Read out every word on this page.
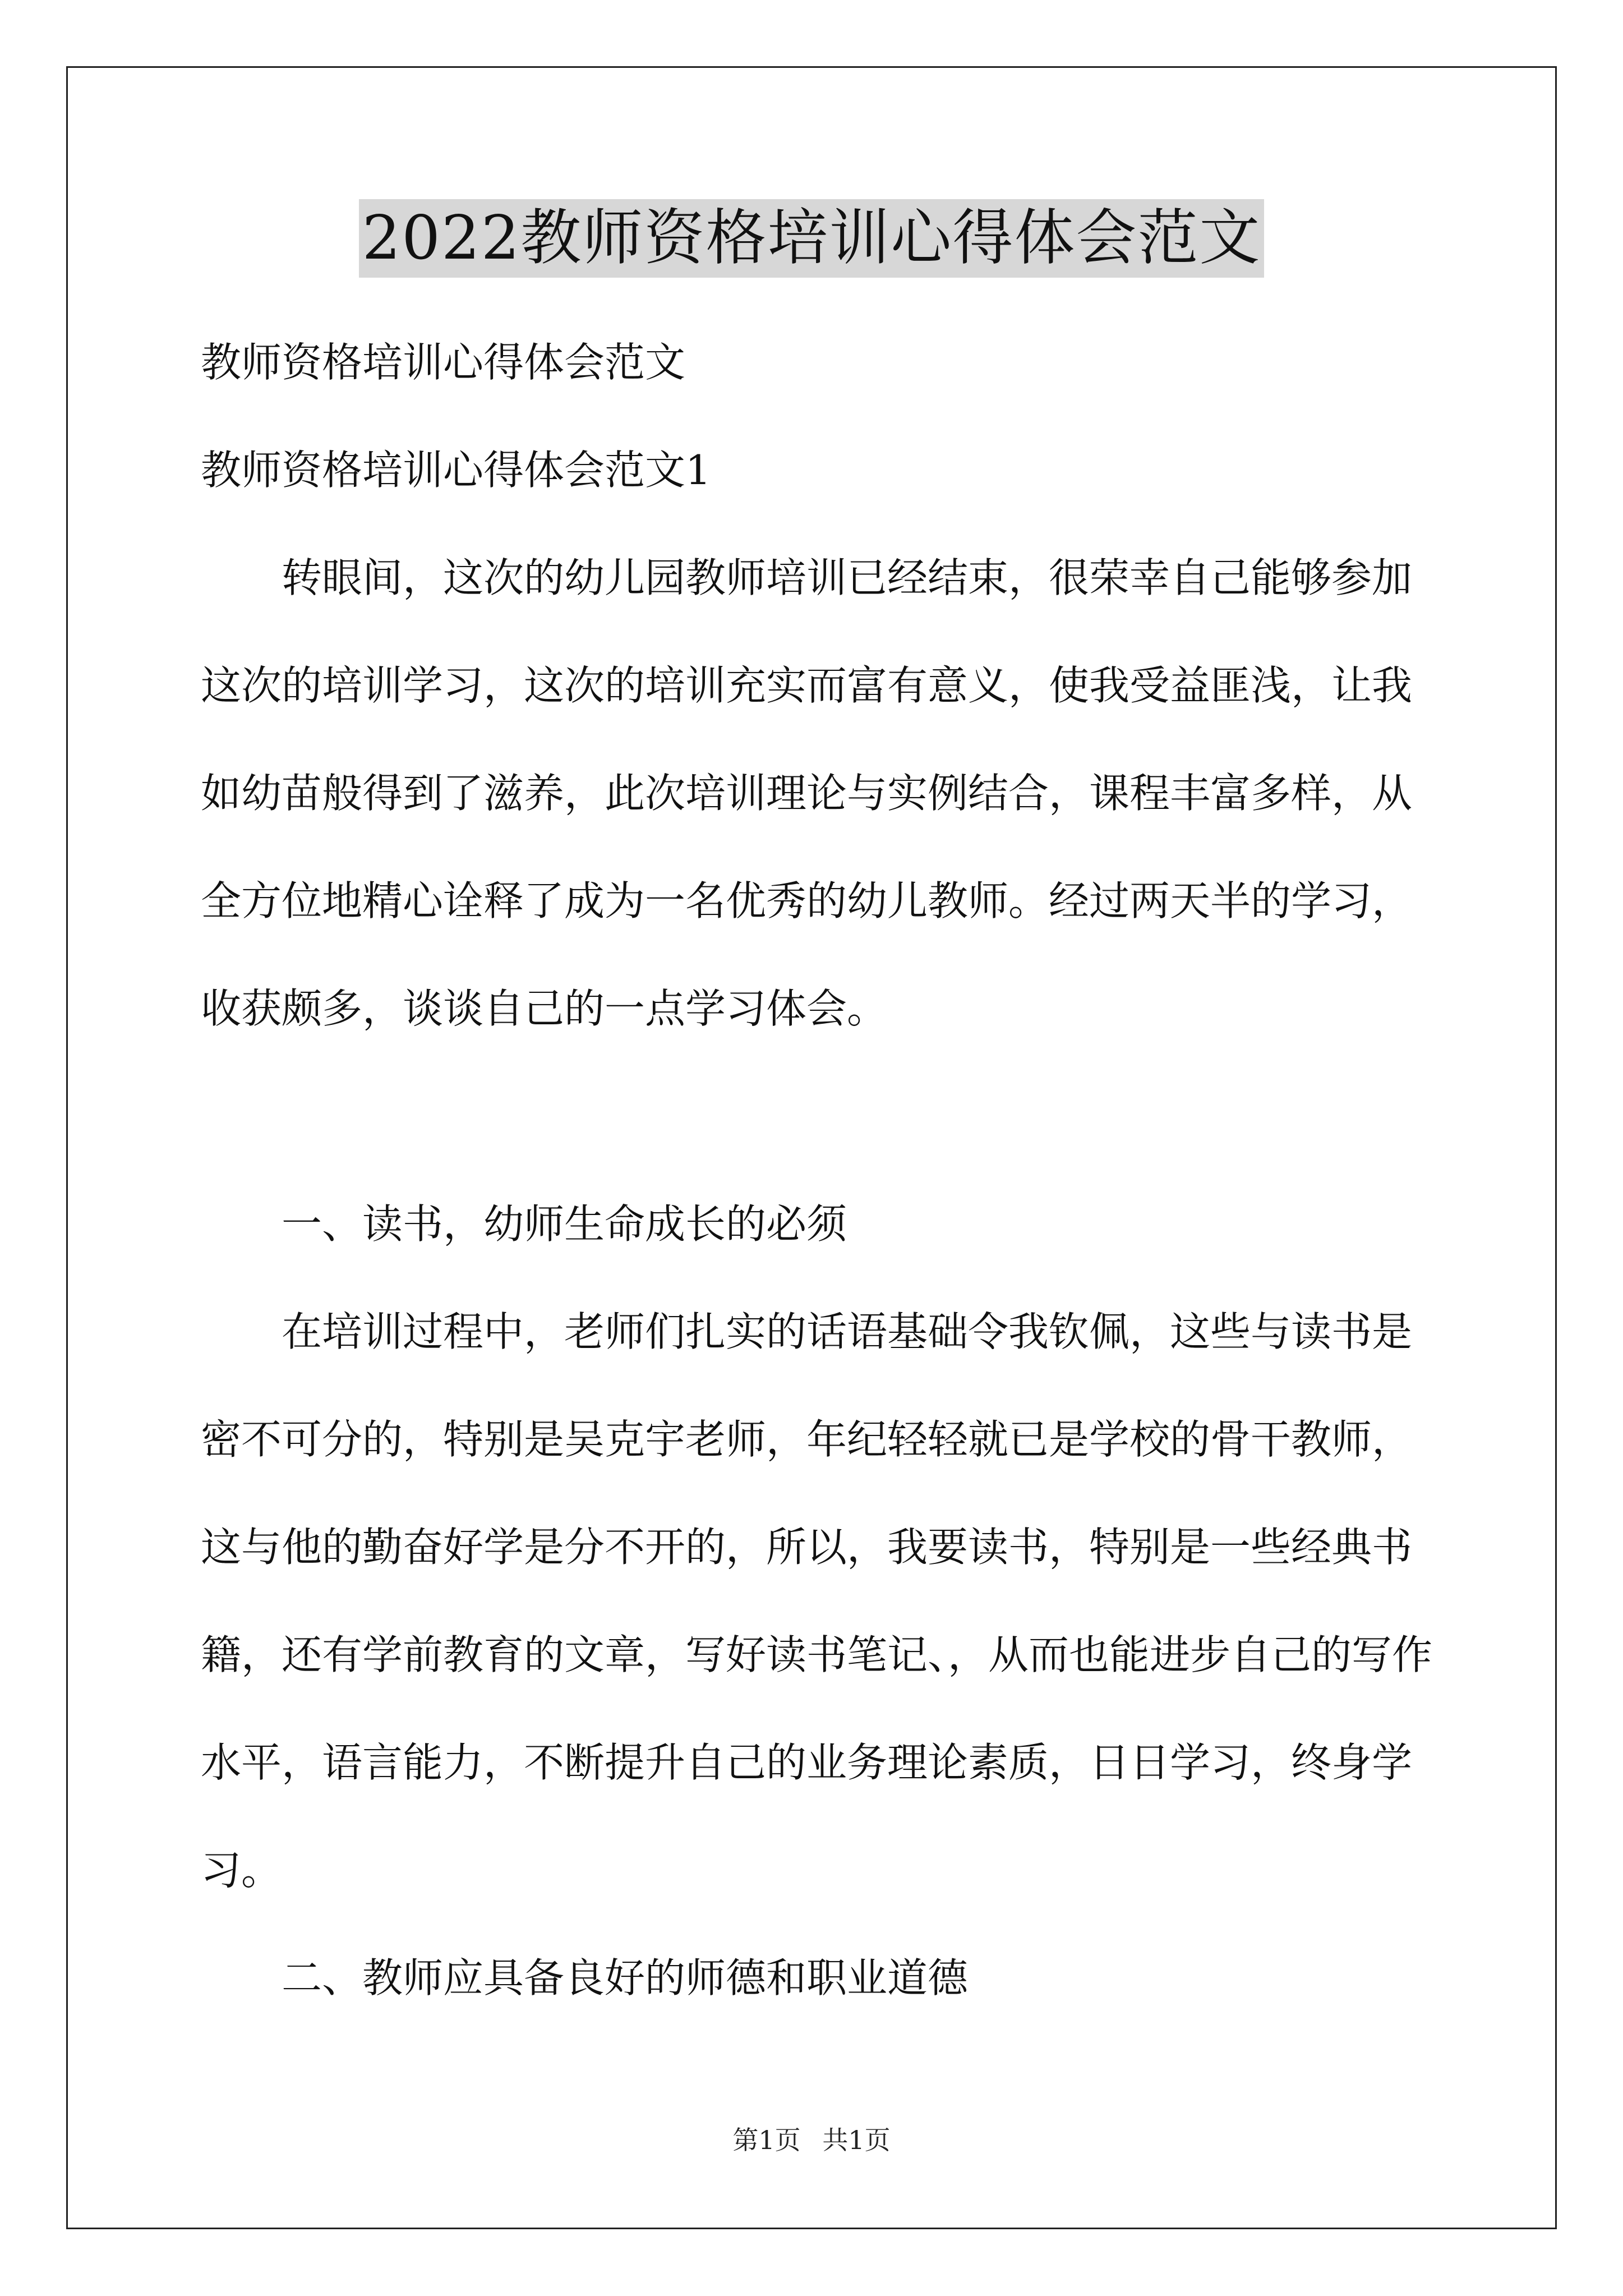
2022教师资格培训心得体会范文
教师资格培训心得体会范文
教师资格培训心得体会范文1
转眼间，这次的幼儿园教师培训已经结束，很荣幸自己能够参加
这次的培训学习，这次的培训充实而富有意义，使我受益匪浅，让我
如幼苗般得到了滋养，此次培训理论与实例结合，课程丰富多样，从
全方位地精心诠释了成为一名优秀的幼儿教师。经过两天半的学习，
收获颇多，谈谈自己的一点学习体会。
一、读书，幼师生命成长的必须
在培训过程中，老师们扎实的话语基础令我钦佩，这些与读书是
密不可分的，特别是吴克宇老师，年纪轻轻就已是学校的骨干教师，
这与他的勤奋好学是分不开的，所以，我要读书，特别是一些经典书
籍，还有学前教育的文章，写好读书笔记、，从而也能进步自己的写作
水平，语言能力，不断提升自己的业务理论素质，日日学习，终身学
习。
二、教师应具备良好的师德和职业道德
第1页 共1页
